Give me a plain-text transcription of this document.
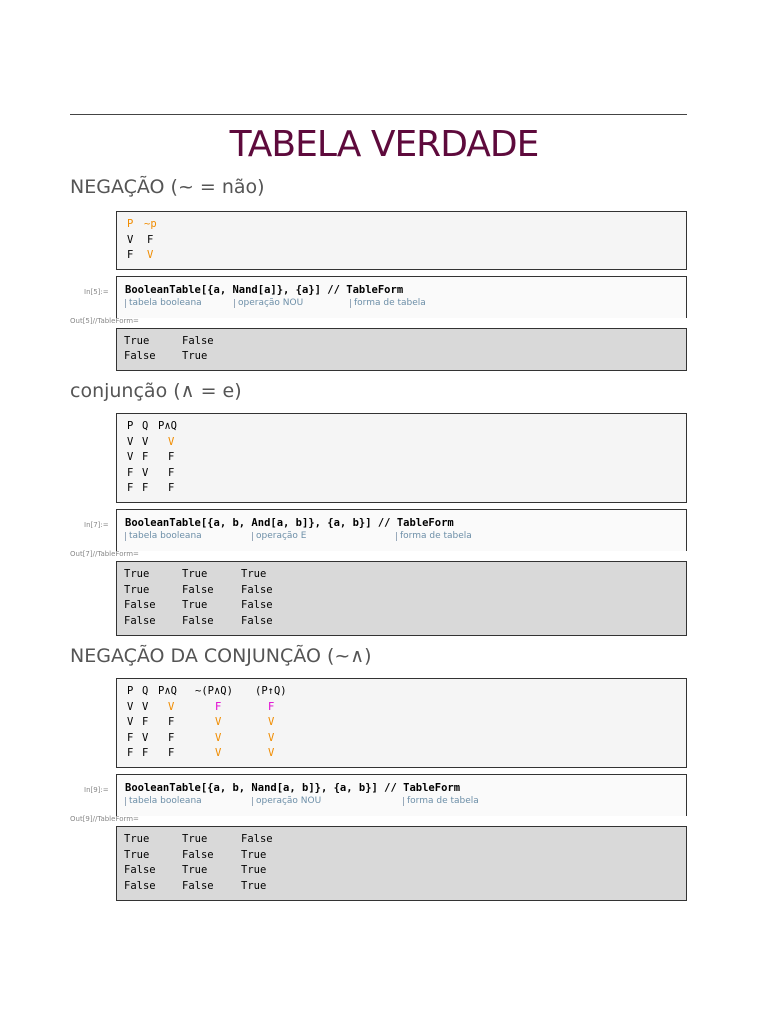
TABELA VERDADE
NEGAÇÃO (~ = não)
P ~p
V F
F V
In[5]:= BooleanTable[{a, Nand[a]}, {a}] // TableForm
tabela booleana	operação NOU	forma de tabela
Out[5]//TableForm=
True	False
False	True
conjunção (∧ = e)
P Q P∧Q
V V V
V F F
F V F
F F F
In[7]:= BooleanTable[{a, b, And[a, b]}, {a, b}] // TableForm
tabela booleana	operação E	forma de tabela
Out[7]//TableForm=
True	True	True
True	False	False
False	True	False
False	False	False
NEGAÇÃO DA CONJUNÇÃO (~∧)
P Q P∧Q ~(P∧Q) (P↑Q)
V V V	F	F
V F F	V	V
F V F	V	V
F F F	V	V
In[9]:= BooleanTable[{a, b, Nand[a, b]}, {a, b}] // TableForm
tabela booleana	operação NOU	forma de tabela
Out[9]//TableForm=
True	True	False
True	False	True
False	True	True
False	False	True
